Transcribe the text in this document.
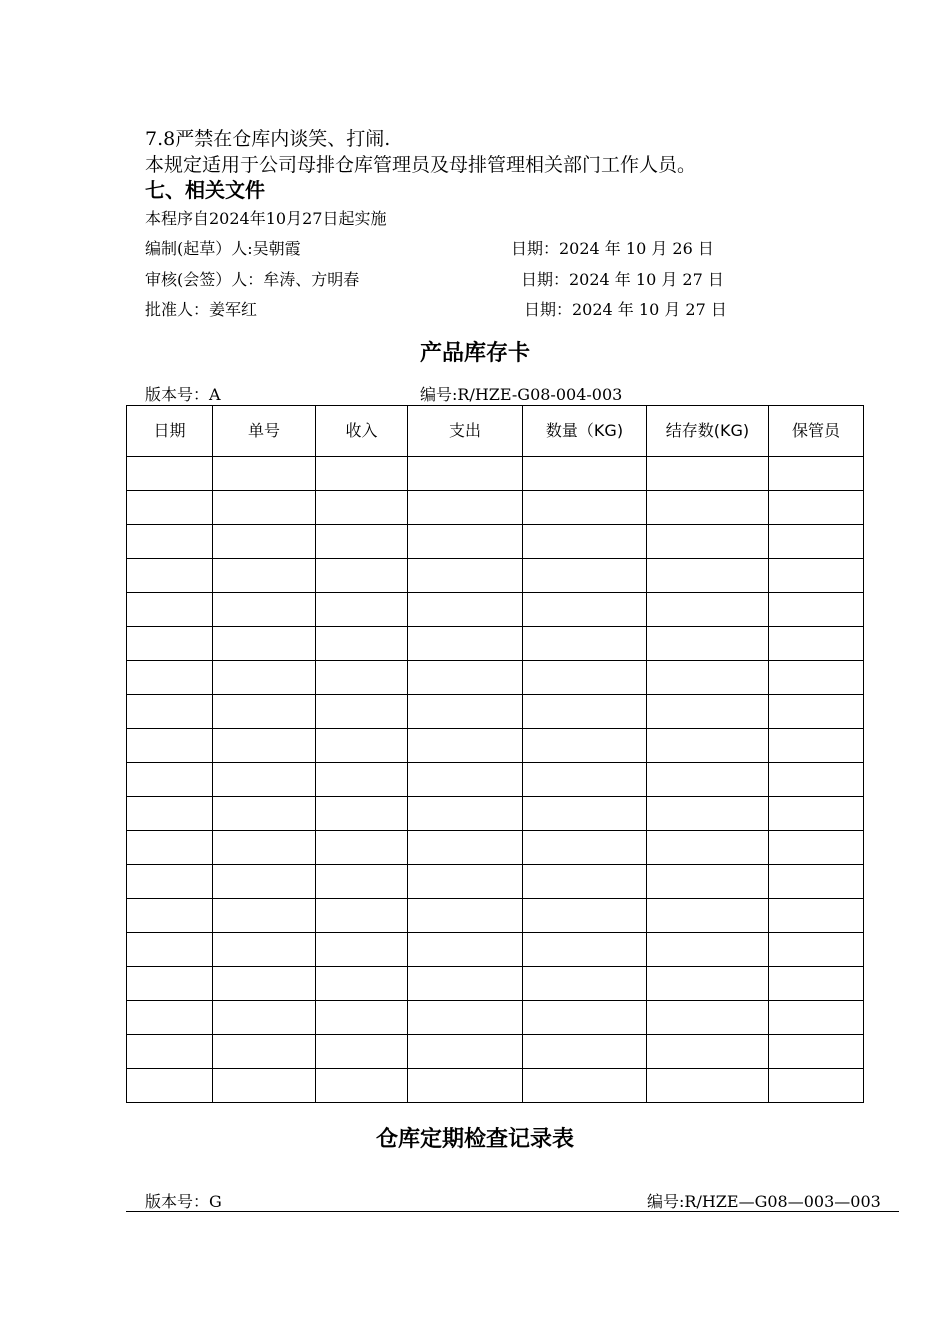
7.8严禁在仓库内谈笑、打闹.
本规定适用于公司母排仓库管理员及母排管理相关部门工作人员。
七、相关文件
本程序自2024年10月27日起实施
编制(起草）人:吴朝霞	日期：2024 年 10 月 26 日
审核(会签）人：牟涛、方明春	日期：2024 年 10 月 27 日
批准人：姜军红	日期：2024 年 10 月 27 日
产品库存卡
版本号：A	编号:R/HZE-G08-004-003
日期	单号	收入	支出	数量（KG)	结存数(KG)	保管员

仓库定期检查记录表
版本号：G	编号:R/HZE—G08—003—003
